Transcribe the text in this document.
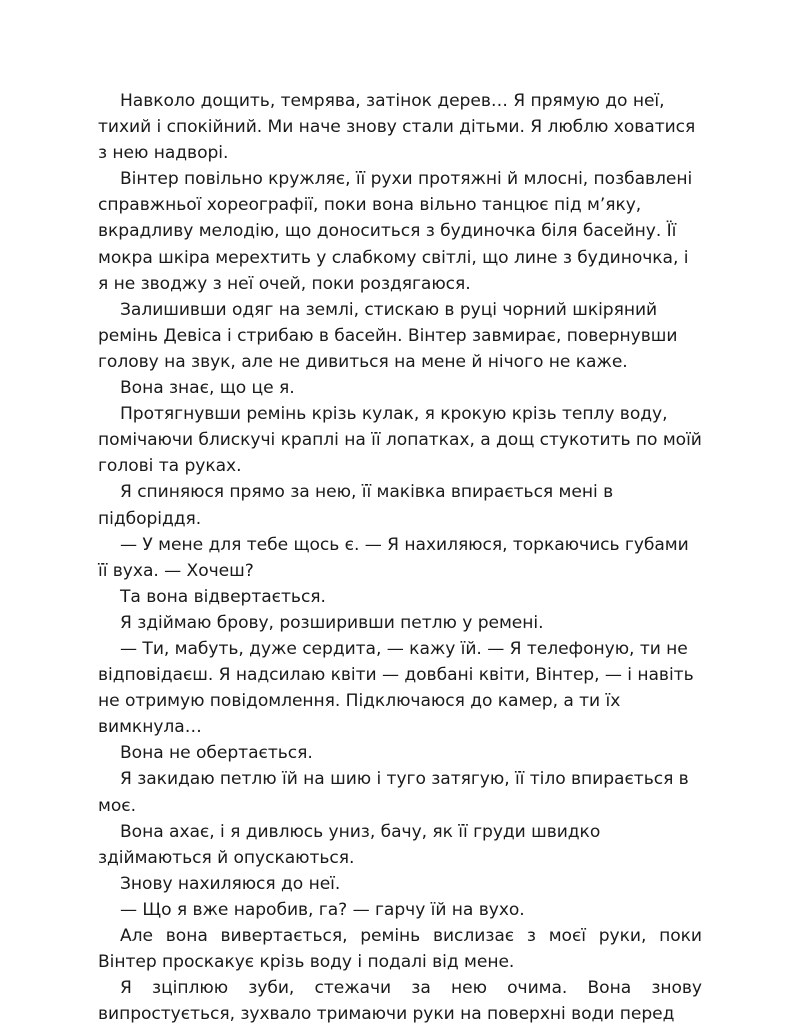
Навколо дощить, темрява, затінок дерев… Я прямую до неї, тихий і спокійний. Ми наче знову стали дітьми. Я люблю ховатися з нею надворі.

Вінтер повільно кружляє, її рухи протяжні й млосні, позбавлені справжньої хореографії, поки вона вільно танцює під м’яку, вкрадливу мелодію, що доноситься з будиночка біля басейну. Її мокра шкіра мерехтить у слабкому світлі, що лине з будиночка, і я не зводжу з неї очей, поки роздягаюся.

Залишивши одяг на землі, стискаю в руці чорний шкіряний ремінь Девіса і стрибаю в басейн. Вінтер завмирає, повернувши голову на звук, але не дивиться на мене й нічого не каже.

Вона знає, що це я.

Протягнувши ремінь крізь кулак, я крокую крізь теплу воду, помічаючи блискучі краплі на її лопатках, а дощ стукотить по моїй голові та руках.

Я спиняюся прямо за нею, її маківка впирається мені в підборіддя.

— У мене для тебе щось є. — Я нахиляюся, торкаючись губами її вуха. — Хочеш?

Та вона відвертається.

Я здіймаю брову, розширивши петлю у ремені.

— Ти, мабуть, дуже сердита, — кажу їй. — Я телефоную, ти не відповідаєш. Я надсилаю квіти — довбані квіти, Вінтер, — і навіть не отримую повідомлення. Підключаюся до камер, а ти їх вимкнула…

Вона не обертається.

Я закидаю петлю їй на шию і туго затягую, її тіло впирається в моє.

Вона ахає, і я дивлюсь униз, бачу, як її груди швидко здіймаються й опускаються.

Знову нахиляюся до неї.

— Що я вже наробив, га? — гарчу їй на вухо.

Але вона вивертається, ремінь вислизає з моєї руки, поки Вінтер проскакує крізь воду і подалі від мене.

Я зціплюю зуби, стежачи за нею очима. Вона знову випростується, зухвало тримаючи руки на поверхні води перед
